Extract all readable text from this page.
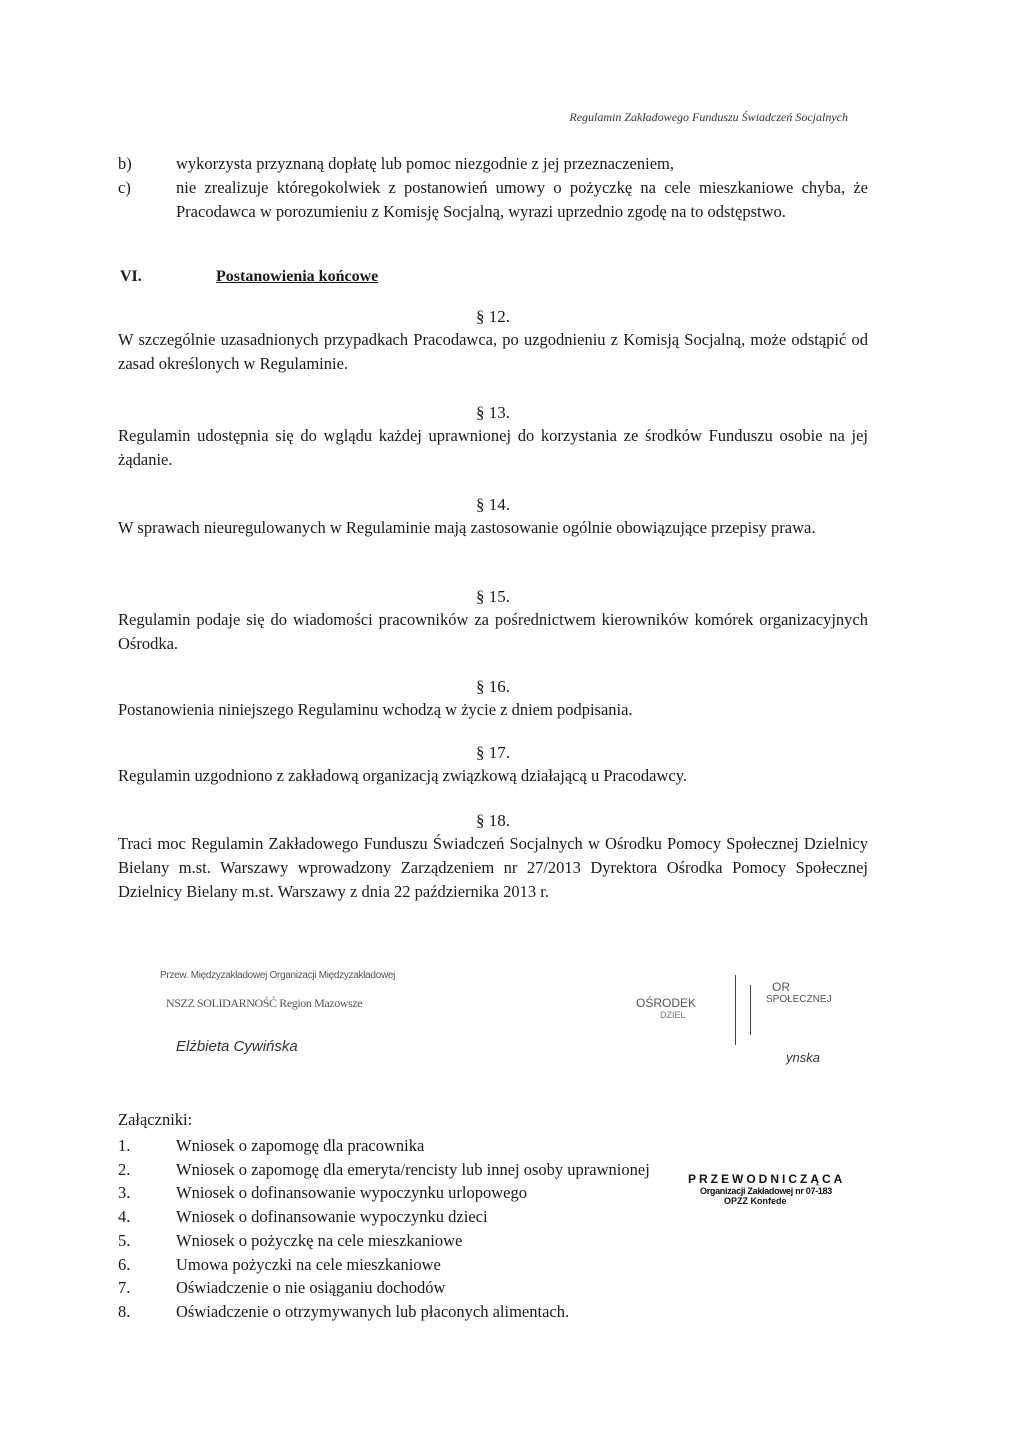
Regulamin Zakładowego Funduszu Świadczeń Socjalnych
b)	wykorzysta przyznaną dopłatę lub pomoc niezgodnie z jej przeznaczeniem,
c)	nie zrealizuje któregokolwiek z postanowień umowy o pożyczkę na cele mieszkaniowe chyba, że Pracodawca w porozumieniu z Komisję Socjalną, wyrazi uprzednio zgodę na to odstępstwo.
VI.	Postanowienia końcowe
§ 12.
W szczególnie uzasadnionych przypadkach Pracodawca, po uzgodnieniu z Komisją Socjalną, może odstąpić od zasad określonych w Regulaminie.
§ 13.
Regulamin udostępnia się do wglądu każdej uprawnionej do korzystania ze środków Funduszu osobie na jej żądanie.
§ 14.
W sprawach nieuregulowanych w Regulaminie mają zastosowanie ogólnie obowiązujące przepisy prawa.
§ 15.
Regulamin podaje się do wiadomości pracowników za pośrednictwem kierowników komórek organizacyjnych Ośrodka.
§ 16.
Postanowienia niniejszego Regulaminu wchodzą w życie z dniem podpisania.
§ 17.
Regulamin uzgodniono z zakładową organizacją związkową działającą u Pracodawcy.
§ 18.
Traci moc Regulamin Zakładowego Funduszu Świadczeń Socjalnych w Ośrodku Pomocy Społecznej Dzielnicy Bielany m.st. Warszawy wprowadzony Zarządzeniem nr 27/2013 Dyrektora Ośrodka Pomocy Społecznej Dzielnicy Bielany m.st. Warszawy z dnia 22 października 2013 r.
Przew. Międzyzakładowej Organizacji Międzyzakładowej
NSZZ SOLIDARNOŚĆ Region Mazowsze
Elżbieta Cywińska
OŚRODEK
DZIEL
OR
SPOŁECZNEJ
ynska
Załączniki:
1.	Wniosek o zapomogę dla pracownika
2.	Wniosek o zapomogę dla emeryta/rencisty lub innej osoby uprawnionej
3.	Wniosek o dofinansowanie wypoczynku urlopowego
4.	Wniosek o dofinansowanie wypoczynku dzieci
5.	Wniosek o pożyczkę na cele mieszkaniowe
6.	Umowa pożyczki na cele mieszkaniowe
7.	Oświadczenie o nie osiąganiu dochodów
8.	Oświadczenie o otrzymywanych lub płaconych alimentach.
PRZEWODNICZĄCA
Organizacji Zakładowej nr 07-183
OPZZ Konfede
